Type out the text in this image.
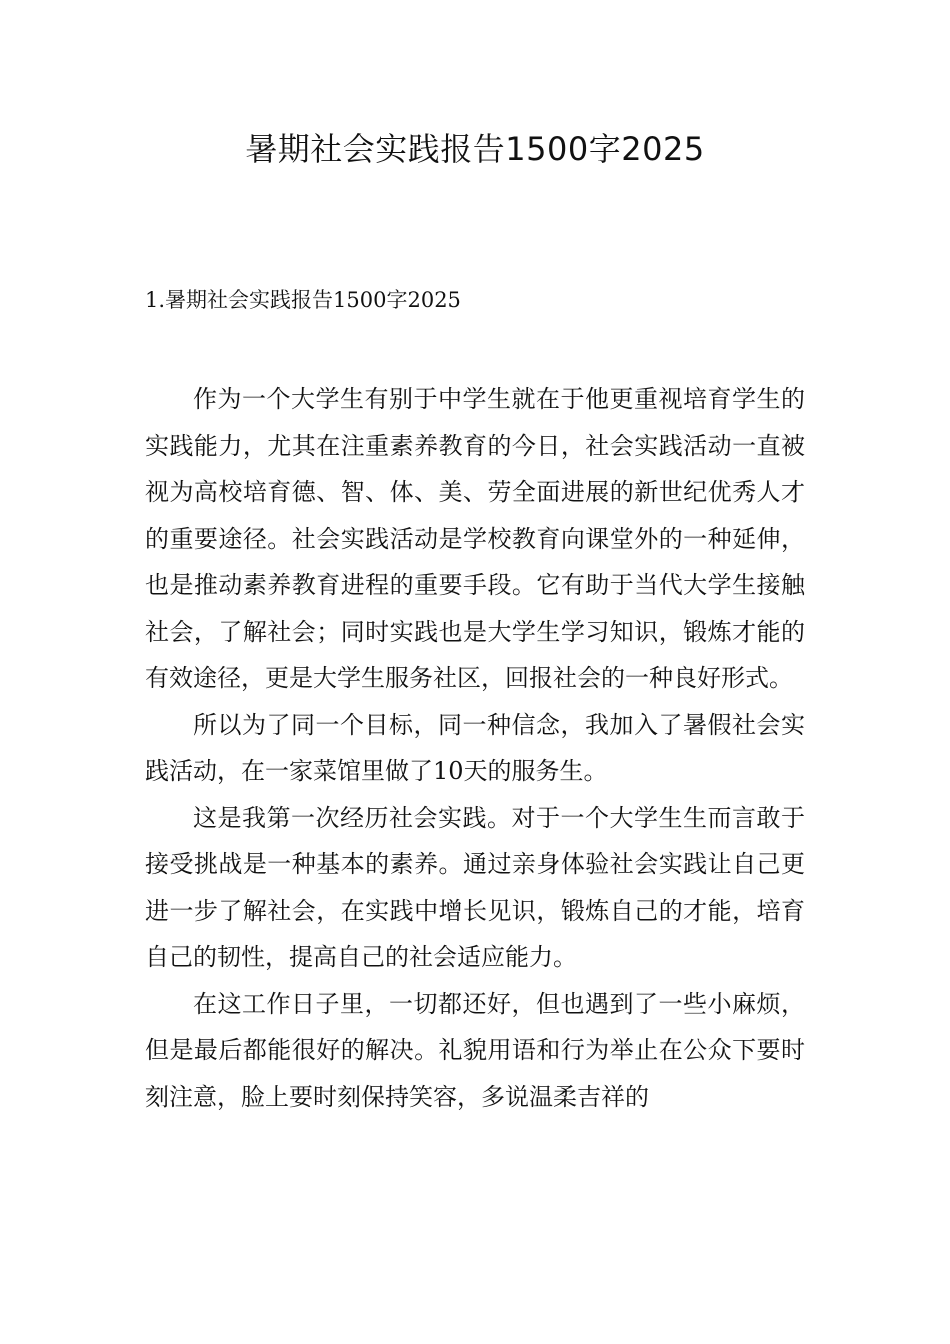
暑期社会实践报告1500字2025
1.暑期社会实践报告1500字2025

作为一个大学生有别于中学生就在于他更重视培育学生的实践能力，尤其在注重素养教育的今日，社会实践活动一直被视为高校培育德、智、体、美、劳全面进展的新世纪优秀人才的重要途径。社会实践活动是学校教育向课堂外的一种延伸，也是推动素养教育进程的重要手段。它有助于当代大学生接触社会，了解社会；同时实践也是大学生学习知识，锻炼才能的有效途径，更是大学生服务社区，回报社会的一种良好形式。

所以为了同一个目标，同一种信念，我加入了暑假社会实践活动，在一家菜馆里做了10天的服务生。

这是我第一次经历社会实践。对于一个大学生生而言敢于接受挑战是一种基本的素养。通过亲身体验社会实践让自己更进一步了解社会，在实践中增长见识，锻炼自己的才能，培育自己的韧性，提高自己的社会适应能力。

在这工作日子里，一切都还好，但也遇到了一些小麻烦，但是最后都能很好的解决。礼貌用语和行为举止在公众下要时刻注意，脸上要时刻保持笑容，多说温柔吉祥的
